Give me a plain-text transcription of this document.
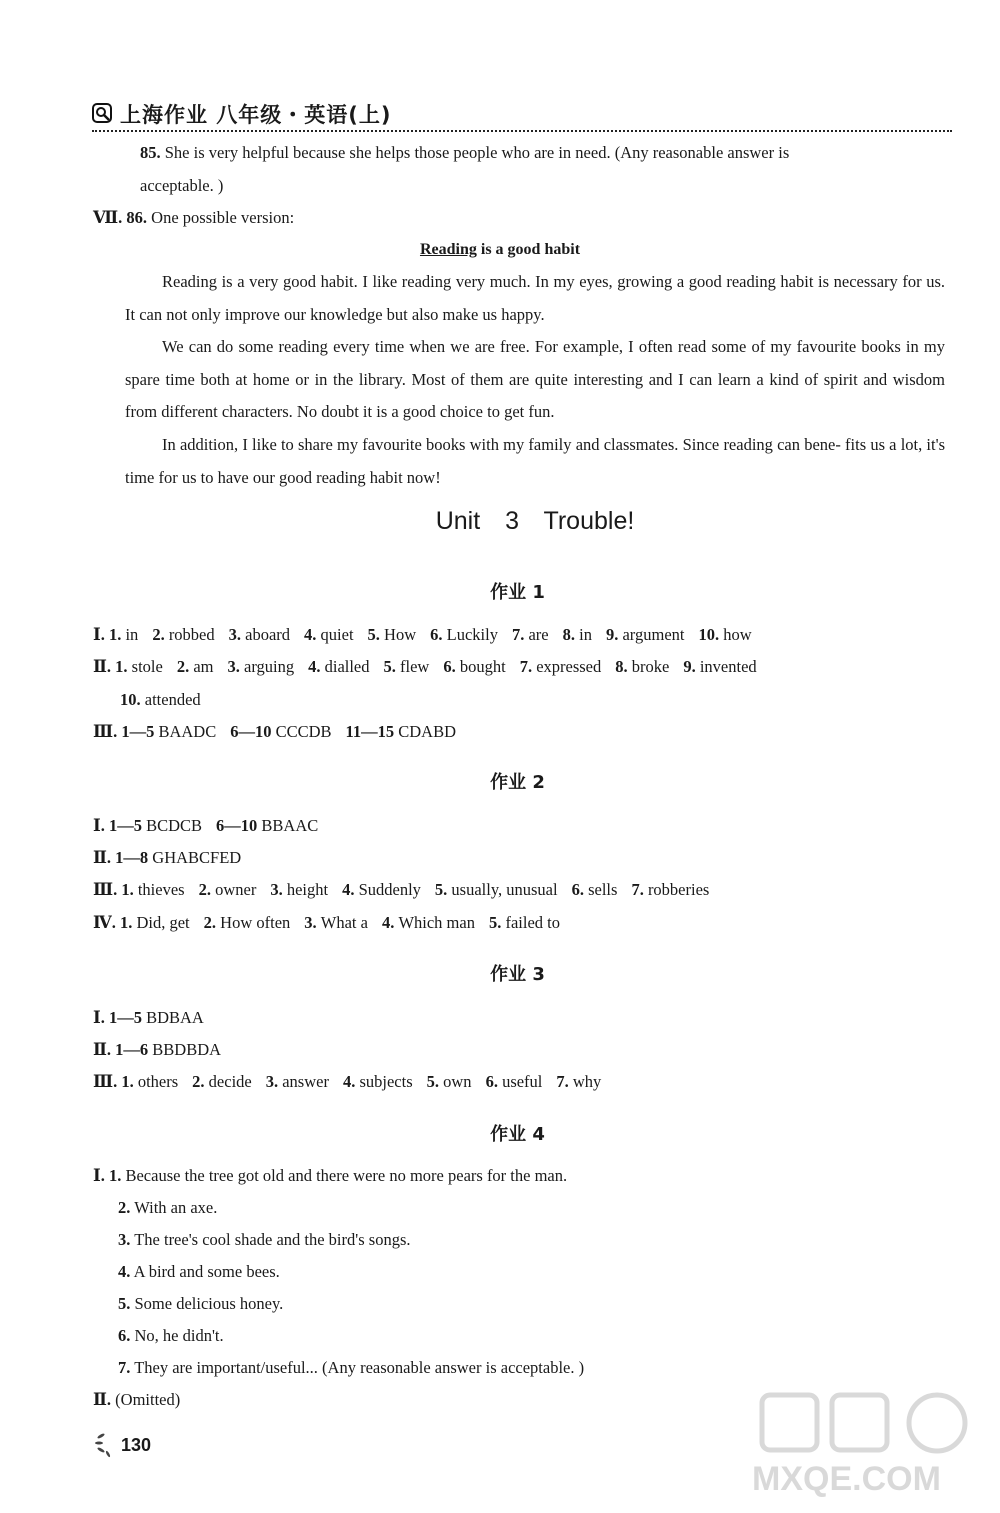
上海作业 八年级・英语(上)
85. She is very helpful because she helps those people who are in need. (Any reasonable answer is
acceptable. )
Ⅶ. 86. One possible version:
Reading is a good habit

Reading is a very good habit. I like reading very much. In my eyes, growing a good reading habit is necessary for us. It can not only improve our knowledge but also make us happy.

We can do some reading every time when we are free. For example, I often read some of my favourite books in my spare time both at home or in the library. Most of them are quite interesting and I can learn a kind of spirit and wisdom from different characters. No doubt it is a good choice to get fun.

In addition, I like to share my favourite books with my family and classmates. Since reading can bene- fits us a lot, it's time for us to have our good reading habit now!

Unit 3 Trouble!
作业 1
Ⅰ. 1. in 2. robbed 3. aboard 4. quiet 5. How 6. Luckily 7. are 8. in 9. argument 10. how
Ⅱ. 1. stole 2. am 3. arguing 4. dialled 5. flew 6. bought 7. expressed 8. broke 9. invented
10. attended
Ⅲ. 1—5 BAADC 6—10 CCCDB 11—15 CDABD
作业 2
Ⅰ. 1—5 BCDCB 6—10 BBAAC
Ⅱ. 1—8 GHABCFED
Ⅲ. 1. thieves 2. owner 3. height 4. Suddenly 5. usually, unusual 6. sells 7. robberies
Ⅳ. 1. Did, get 2. How often 3. What a 4. Which man 5. failed to
作业 3
Ⅰ. 1—5 BDBAA
Ⅱ. 1—6 BBDBDA
Ⅲ. 1. others 2. decide 3. answer 4. subjects 5. own 6. useful 7. why
作业 4
Ⅰ. 1. Because the tree got old and there were no more pears for the man.
2. With an axe.
3. The tree's cool shade and the bird's songs.
4. A bird and some bees.
5. Some delicious honey.
6. No, he didn't.
7. They are important/useful... (Any reasonable answer is acceptable. )
Ⅱ. (Omitted)
130
MXQE.COM
